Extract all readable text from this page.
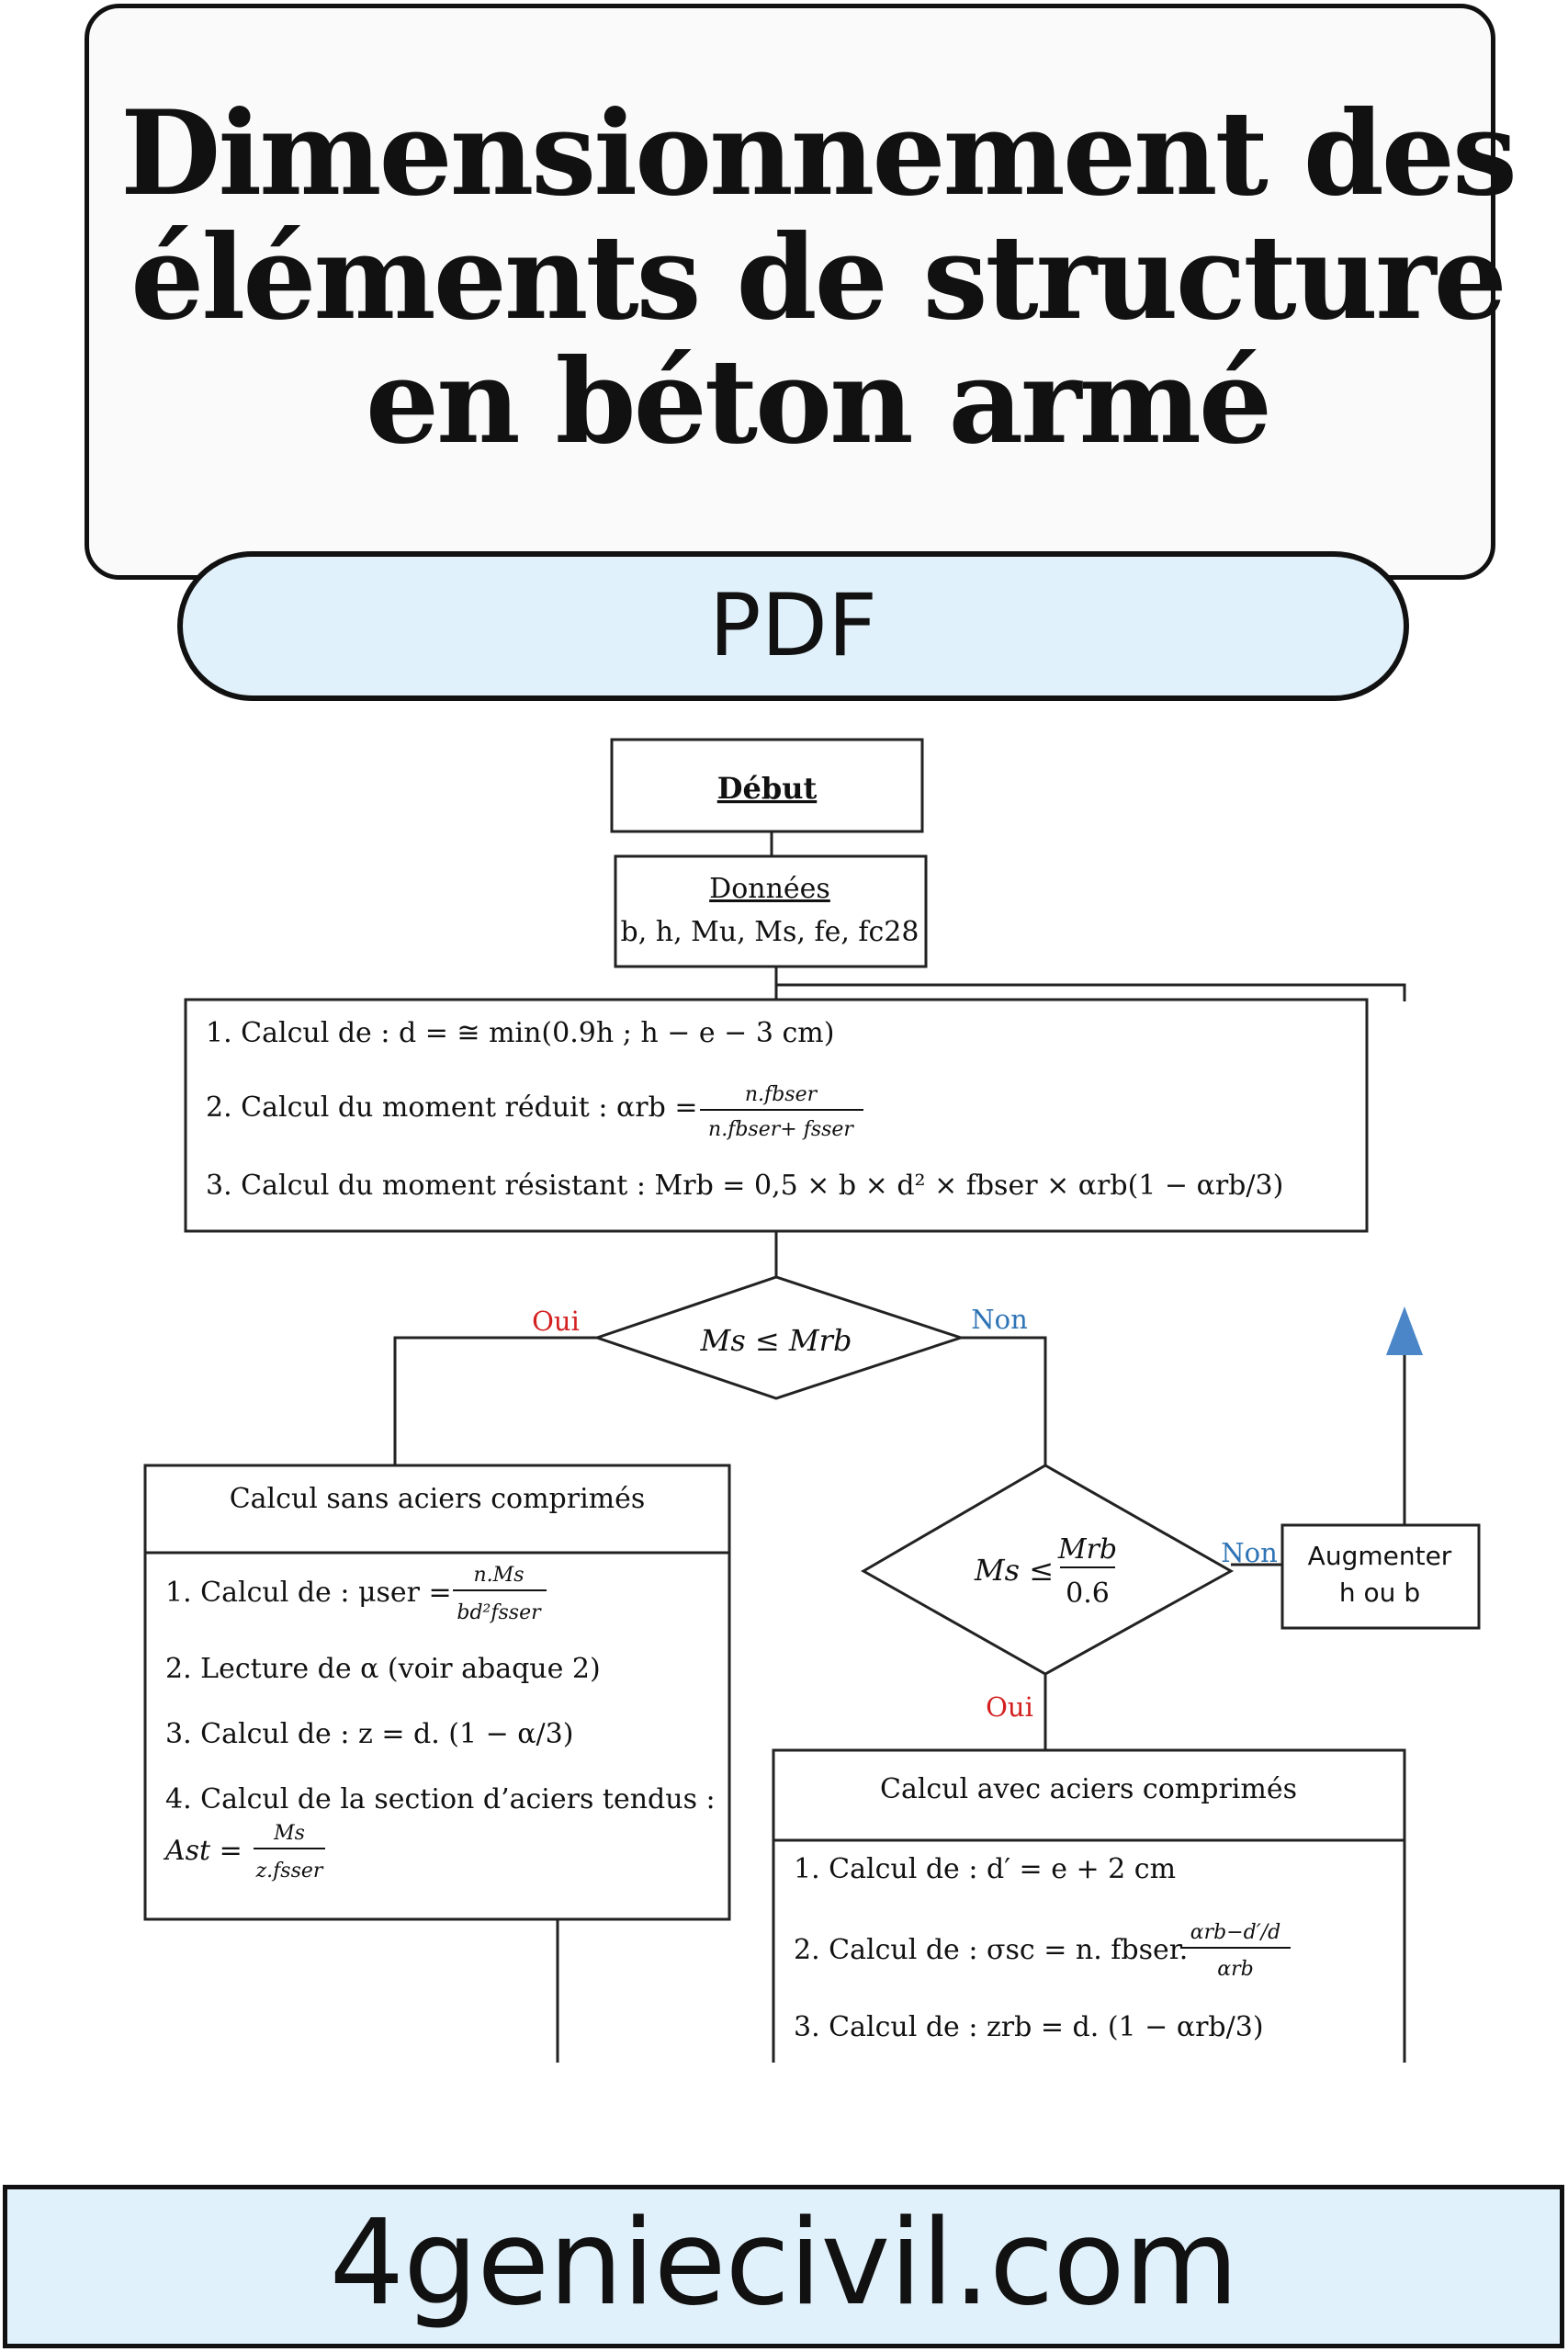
Dimensionnement des
éléments de structure
en béton armé
PDF
Début
Données
b, h, Mu, Ms, fe, fc28
1. Calcul de : d = ≅ min(0.9h ; h − e − 3 cm)
2. Calcul du moment réduit : αrb = n.fbser
n.fbser+ fsser
3. Calcul du moment résistant : Mrb = 0,5 × b × d² × fbser × αrb(1 − αrb/3)
Ms ≤ Mrb
Oui	Non
Ms ≤
Mrb
0.6
Non
Oui
Augmenter
h ou b
Calcul sans aciers comprimés
1. Calcul de : μser =
n.Ms
bd²fsser
2. Lecture de α (voir abaque 2)
3. Calcul de : z = d. (1 − α/3)
4. Calcul de la section d’aciers tendus :
Ast =
Ms
z.fsser
Calcul avec aciers comprimés
1. Calcul de : d′ = e + 2 cm
2. Calcul de : σsc = n. fbser.
αrb−d′/d
αrb
3. Calcul de : zrb = d. (1 − αrb/3)
4geniecivil.com
